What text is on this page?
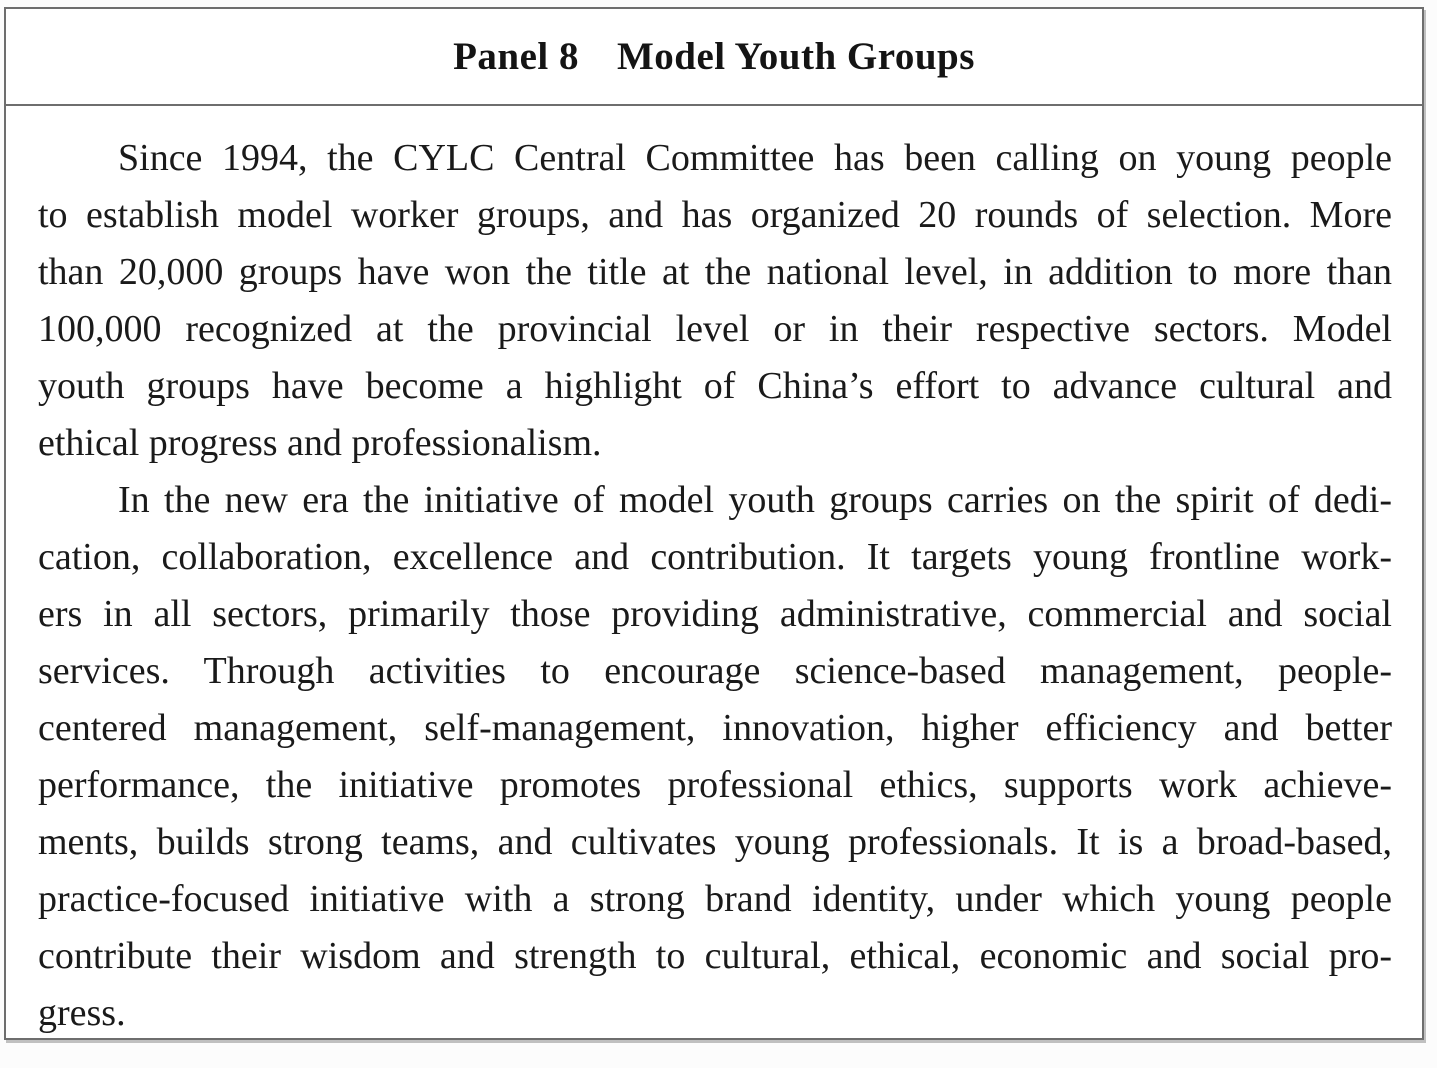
Panel 8 Model Youth Groups
Since 1994, the CYLC Central Committee has been calling on young people
to establish model worker groups, and has organized 20 rounds of selection. More
than 20,000 groups have won the title at the national level, in addition to more than
100,000 recognized at the provincial level or in their respective sectors. Model
youth groups have become a highlight of China’s effort to advance cultural and
ethical progress and professionalism.
In the new era the initiative of model youth groups carries on the spirit of dedi-
cation, collaboration, excellence and contribution. It targets young frontline work-
ers in all sectors, primarily those providing administrative, commercial and social
services. Through activities to encourage science-based management, people-
centered management, self-management, innovation, higher efficiency and better
performance, the initiative promotes professional ethics, supports work achieve-
ments, builds strong teams, and cultivates young professionals. It is a broad-based,
practice-focused initiative with a strong brand identity, under which young people
contribute their wisdom and strength to cultural, ethical, economic and social pro-
gress.
